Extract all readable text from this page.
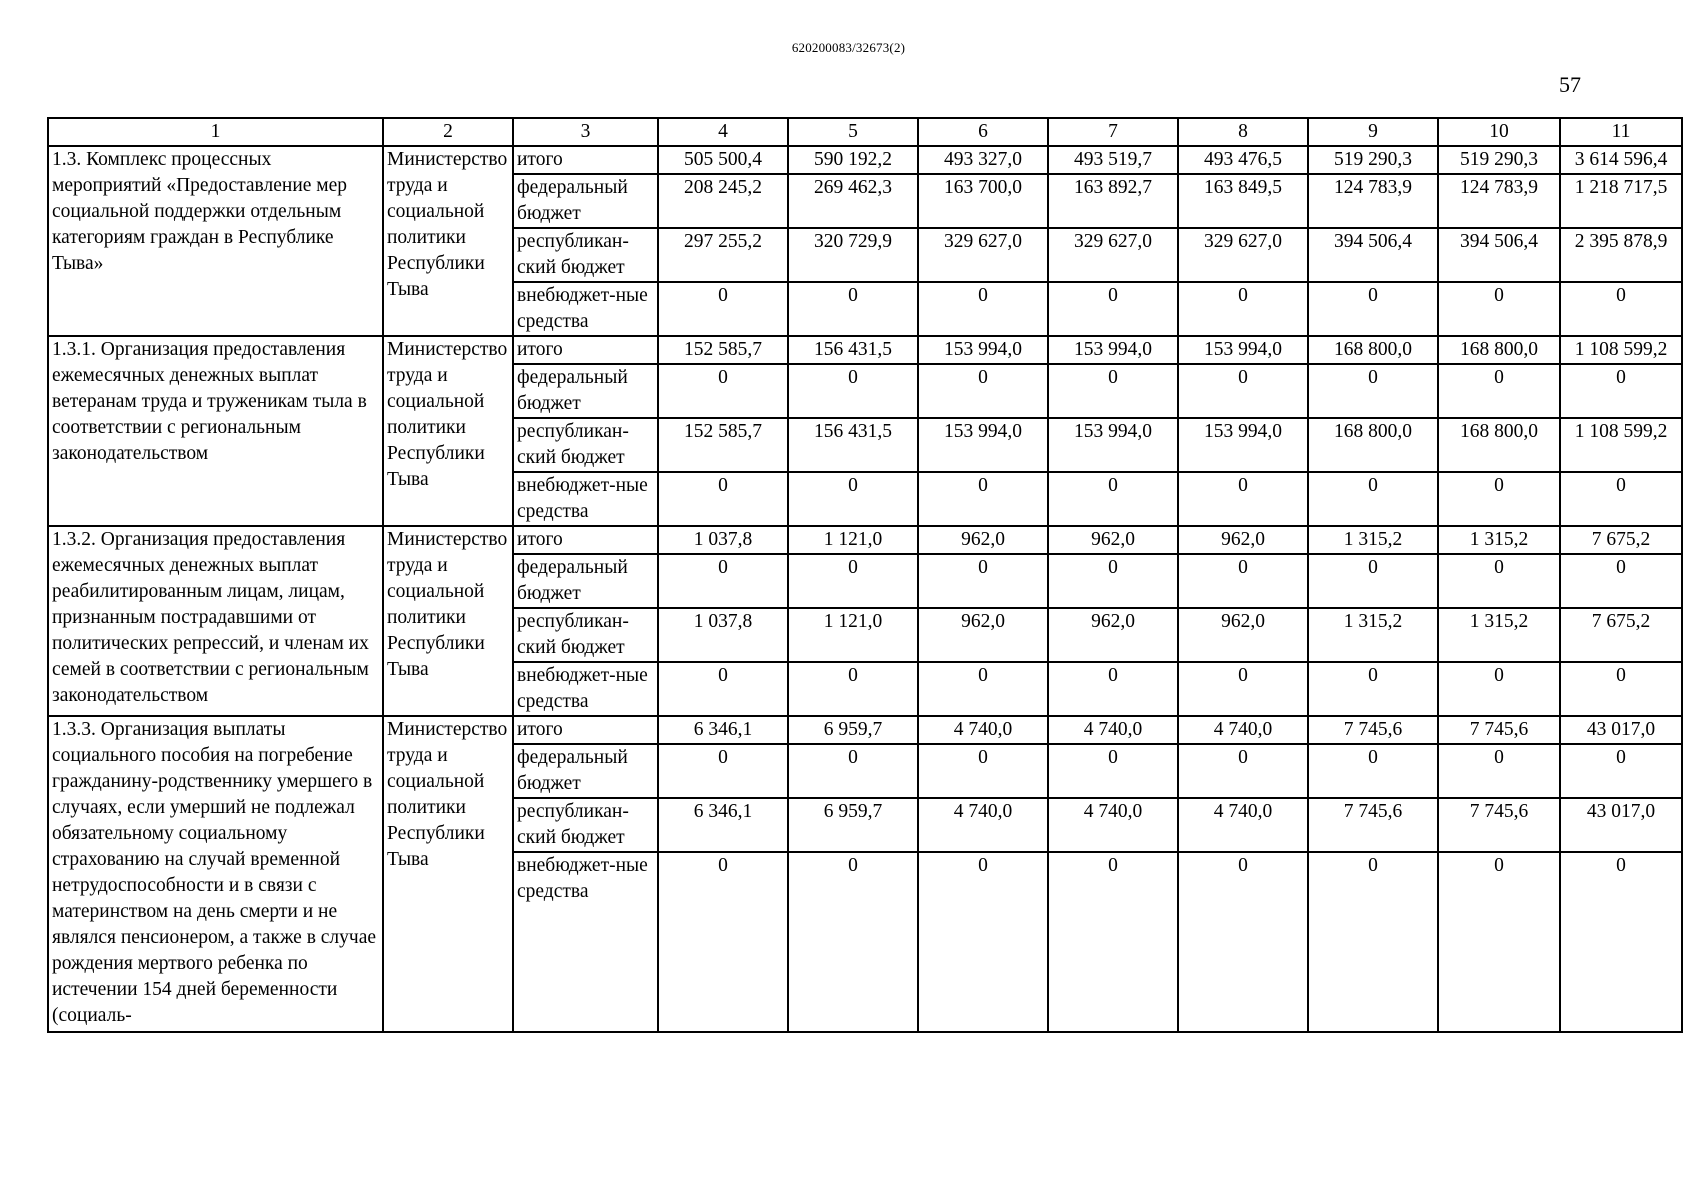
620200083/32673(2)
57
1	2	3	4	5	6	7	8	9	10	11
1.3. Комплекс процессных мероприятий «Предоставление мер социальной поддержки отдельным категориям граждан в Республике Тыва»	Министерство труда и социальной политики Республики Тыва	итого	505 500,4	590 192,2	493 327,0	493 519,7	493 476,5	519 290,3	519 290,3	3 614 596,4
		федеральный бюджет	208 245,2	269 462,3	163 700,0	163 892,7	163 849,5	124 783,9	124 783,9	1 218 717,5
		республикан-ский бюджет	297 255,2	320 729,9	329 627,0	329 627,0	329 627,0	394 506,4	394 506,4	2 395 878,9
		внебюджет-ные средства	0	0	0	0	0	0	0	0
1.3.1. Организация предоставления ежемесячных денежных выплат ветеранам труда и труженикам тыла в соответствии с региональным законодательством	Министерство труда и социальной политики Республики Тыва	итого	152 585,7	156 431,5	153 994,0	153 994,0	153 994,0	168 800,0	168 800,0	1 108 599,2
		федеральный бюджет	0	0	0	0	0	0	0	0
		республикан-ский бюджет	152 585,7	156 431,5	153 994,0	153 994,0	153 994,0	168 800,0	168 800,0	1 108 599,2
		внебюджет-ные средства	0	0	0	0	0	0	0	0
1.3.2. Организация предоставления ежемесячных денежных выплат реабилитированным лицам, лицам, признанным пострадавшими от политических репрессий, и членам их семей в соответствии с региональным законодательством	Министерство труда и социальной политики Республики Тыва	итого	1 037,8	1 121,0	962,0	962,0	962,0	1 315,2	1 315,2	7 675,2
		федеральный бюджет	0	0	0	0	0	0	0	0
		республикан-ский бюджет	1 037,8	1 121,0	962,0	962,0	962,0	1 315,2	1 315,2	7 675,2
		внебюджет-ные средства	0	0	0	0	0	0	0	0
1.3.3. Организация выплаты социального пособия на погребение гражданину-родственнику умершего в случаях, если умерший не подлежал обязательному социальному страхованию на случай временной нетрудоспособности и в связи с материнством на день смерти и не являлся пенсионером, а также в случае рождения мертвого ребенка по истечении 154 дней беременности (социаль-	Министерство труда и социальной политики Республики Тыва	итого	6 346,1	6 959,7	4 740,0	4 740,0	4 740,0	7 745,6	7 745,6	43 017,0
		федеральный бюджет	0	0	0	0	0	0	0	0
		республикан-ский бюджет	6 346,1	6 959,7	4 740,0	4 740,0	4 740,0	7 745,6	7 745,6	43 017,0
		внебюджет-ные средства	0	0	0	0	0	0	0	0
